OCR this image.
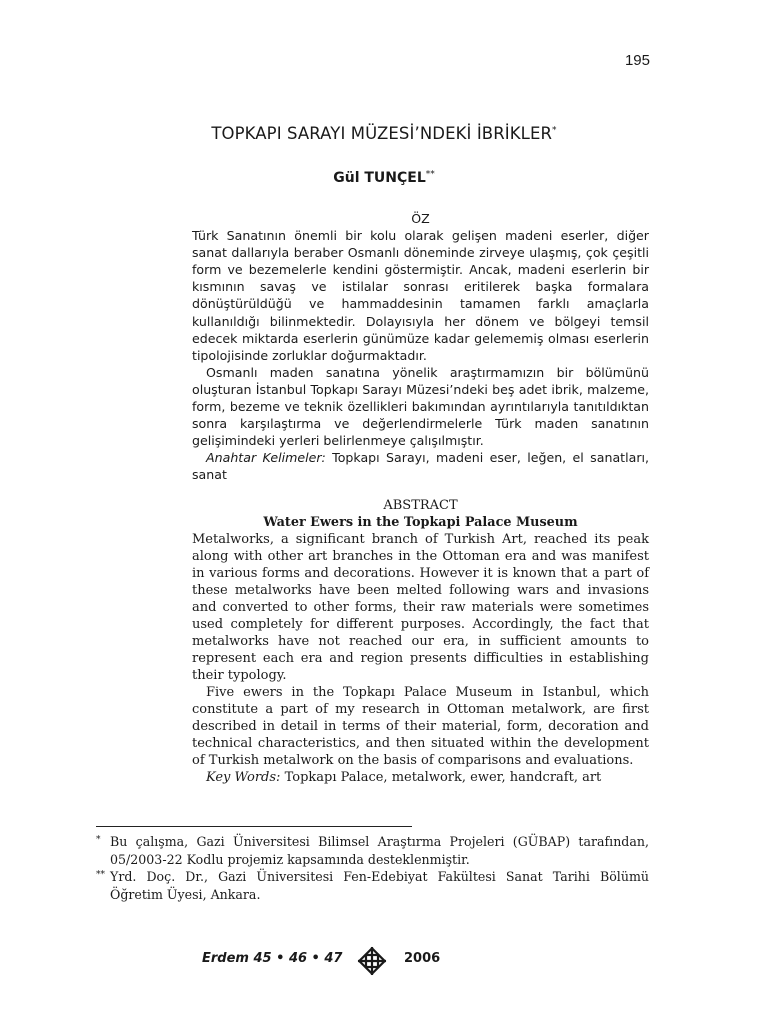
195
TOPKAPI SARAYI MÜZESİ’NDEKİ İBRİKLER*
Gül TUNÇEL**
ÖZ

Türk Sanatının önemli bir kolu olarak gelişen madeni eserler, diğer sanat dallarıyla beraber Osmanlı döneminde zirveye ulaşmış, çok çeşitli form ve bezemelerle kendini göstermiştir. Ancak, madeni eserlerin bir kısmının savaş ve istilalar sonrası eritilerek başka formalara dönüştürüldüğü ve hammaddesinin tamamen farklı amaçlarla kullanıldığı bilinmektedir. Dolayısıyla her dönem ve bölgeyi temsil edecek miktarda eserlerin günümüze kadar gelememiş olması eserlerin tipolojisinde zorluklar doğurmaktadır.

Osmanlı maden sanatına yönelik araştırmamızın bir bölümünü oluşturan İstanbul Topkapı Sarayı Müzesi’ndeki beş adet ibrik, malzeme, form, bezeme ve teknik özellikleri bakımından ayrıntılarıyla tanıtıldıktan sonra karşılaştırma ve değerlendirmelerle Türk maden sanatının gelişimindeki yerleri belirlenmeye çalışılmıştır.

Anahtar Kelimeler: Topkapı Sarayı, madeni eser, leğen, el sanatları, sanat

ABSTRACT
Water Ewers in the Topkapi Palace Museum

Metalworks, a significant branch of Turkish Art, reached its peak along with other art branches in the Ottoman era and was manifest in various forms and decorations. However it is known that a part of these metalworks have been melted following wars and invasions and converted to other forms, their raw materials were sometimes used completely for different purposes. Accordingly, the fact that metalworks have not reached our era, in sufficient amounts to represent each era and region presents difficulties in establishing their typology.

Five ewers in the Topkapı Palace Museum in Istanbul, which constitute a part of my research in Ottoman metalwork, are first described in detail in terms of their material, form, decoration and technical characteristics, and then situated within the development of Turkish metalwork on the basis of comparisons and evaluations.

Key Words: Topkapı Palace, metalwork, ewer, handcraft, art

* Bu çalışma, Gazi Üniversitesi Bilimsel Araştırma Projeleri (GÜBAP) tarafından, 05/2003-22 Kodlu projemiz kapsamında desteklenmiştir.
** Yrd. Doç. Dr., Gazi Üniversitesi Fen-Edebiyat Fakültesi Sanat Tarihi Bölümü Öğretim Üyesi, Ankara.
Erdem 45 • 46 • 47	2006
